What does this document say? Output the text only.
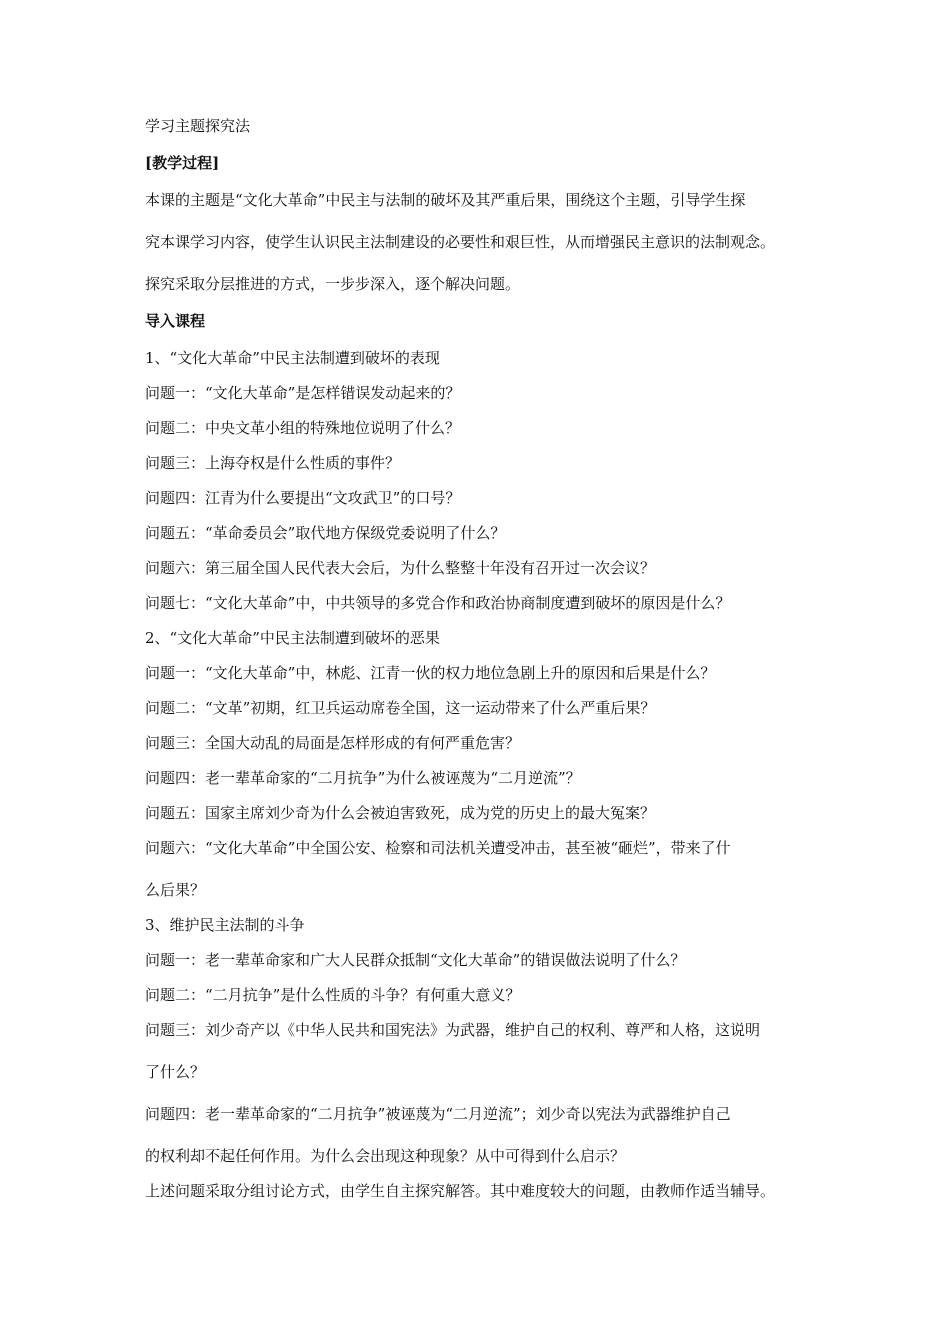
学习主题探究法

[教学过程]

本课的主题是“文化大革命”中民主与法制的破坏及其严重后果，围绕这个主题，引导学生探

究本课学习内容，使学生认识民主法制建设的必要性和艰巨性，从而增强民主意识的法制观念。

探究采取分层推进的方式，一步步深入，逐个解决问题。

导入课程

1、“文化大革命”中民主法制遭到破坏的表现

问题一：“文化大革命”是怎样错误发动起来的？

问题二：中央文革小组的特殊地位说明了什么？

问题三：上海夺权是什么性质的事件？

问题四：江青为什么要提出“文攻武卫”的口号？

问题五：“革命委员会”取代地方保级党委说明了什么？

问题六：第三届全国人民代表大会后，为什么整整十年没有召开过一次会议？

问题七：“文化大革命”中，中共领导的多党合作和政治协商制度遭到破坏的原因是什么？

2、“文化大革命”中民主法制遭到破坏的恶果

问题一：“文化大革命”中，林彪、江青一伙的权力地位急剧上升的原因和后果是什么？

问题二：“文革”初期，红卫兵运动席卷全国，这一运动带来了什么严重后果？

问题三：全国大动乱的局面是怎样形成的有何严重危害？

问题四：老一辈革命家的“二月抗争”为什么被诬蔑为“二月逆流”？

问题五：国家主席刘少奇为什么会被迫害致死，成为党的历史上的最大冤案？

问题六：“文化大革命”中全国公安、检察和司法机关遭受冲击，甚至被“砸烂”，带来了什

么后果？

3、维护民主法制的斗争

问题一：老一辈革命家和广大人民群众抵制“文化大革命”的错误做法说明了什么？

问题二：“二月抗争”是什么性质的斗争？有何重大意义？

问题三：刘少奇产以《中华人民共和国宪法》为武器，维护自己的权利、尊严和人格，这说明

了什么？

问题四：老一辈革命家的“二月抗争”被诬蔑为“二月逆流”；刘少奇以宪法为武器维护自己

的权利却不起任何作用。为什么会出现这种现象？从中可得到什么启示？

上述问题采取分组讨论方式，由学生自主探究解答。其中难度较大的问题，由教师作适当辅导。
